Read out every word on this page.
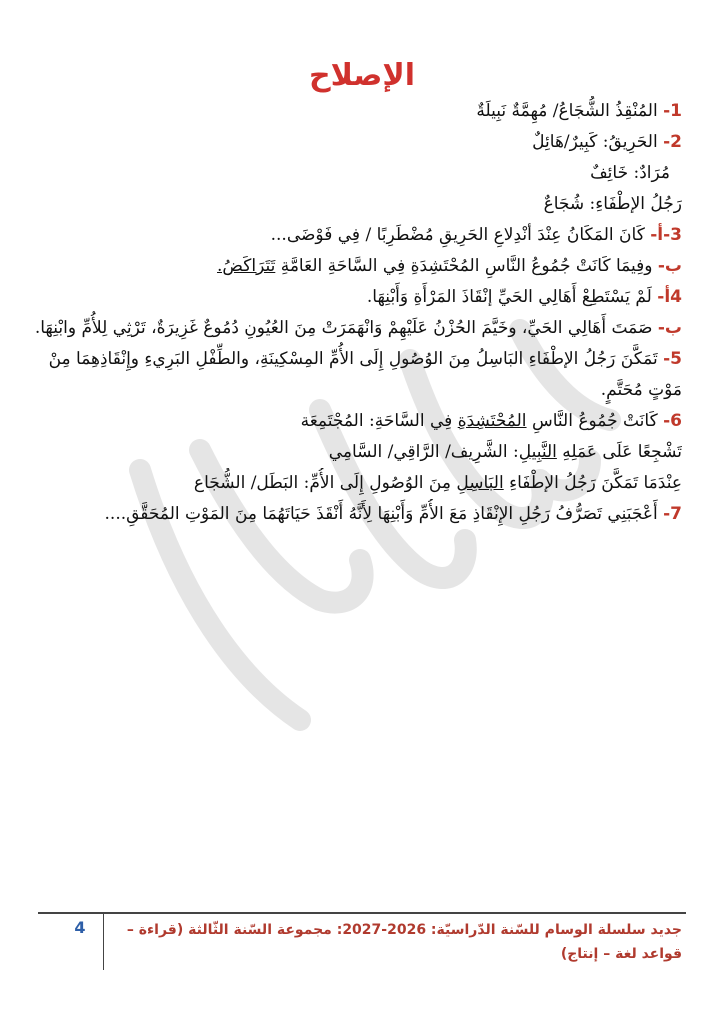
الإصلاح
1- المُنْقِذُ الشُّجَاعُ/ مُهِمَّةٌ نَبِيلَةٌ
2- الحَرِيقُ: كَبِيرٌ/هَائِلٌ
مُرَادٌ: خَائِفٌ
رَجُلُ الإطْفَاءِ: شُجَاعٌ
3-أ- كَانَ المَكَانُ عِنْدَ أنْدِلاعِ الحَرِيقِ مُضْطَرِبًا / فِي فَوْضَى...
ب- وفِيمَا كَانَتْ جُمُوعُ النَّاسِ المُحْتَشِدَةِ فِي السَّاحَةِ العَامَّةِ تَتَرَاكَضُ.
4أ- لَمْ يَسْتَطِعْ أَهَالِي الحَيِّ إنْقَاذَ المَرْأَةِ وَأَبْنِهَا.
ب- صَمَتَ أَهَالِي الحَيِّ، وخَيَّمَ الحُزْنُ عَلَيْهِمْ وَانْهَمَرَتْ مِنَ العُيُونِ دُمُوعٌ غَزِيرَةٌ، تَرْثِي لِلأُمِّ وابْنِهَا.
5- تَمَكَّنَ رَجُلُ الإطْفَاءِ البَاسِلُ مِنَ الوُصُولِ إِلَى الأُمِّ المِسْكِينَةِ، والطِّفْلِ البَرِيءِ وإِنْقَاذِهِمَا مِنْ مَوْتٍ مُحَتَّمٍ.
6- كَانَتْ جُمُوعُ النَّاسِ المُحْتَشِدَةِ فِي السَّاحَةِ: المُجْتَمِعَة
تَشْجِعًا عَلَى عَمَلِهِ النَّبِيلِ: الشَّرِيف/ الرَّاقِي/ السَّامِي
عِنْدَمَا تَمَكَّنَ رَجُلُ الإطْفَاءِ البَاسِلِ مِنَ الوُصُولِ إِلَى الأُمِّ: البَطَل/ الشُّجَاع
7- أَعْجَبَنِي تَصَرُّفُ رَجُلِ الإِنْقَاذِ مَعَ الأُمِّ وَأَبْنِهَا لِأَنَّهُ أَنْقَذَ حَيَاتَهُمَا مِنَ المَوْتِ المُحَقَّقِ....
جديد سلسلة الوسام للسّنة الدّراسيّة: 2026-2027: مجموعة السّنة الثّالثة (قراءة – قواعد لغة – إنتاج)
4
